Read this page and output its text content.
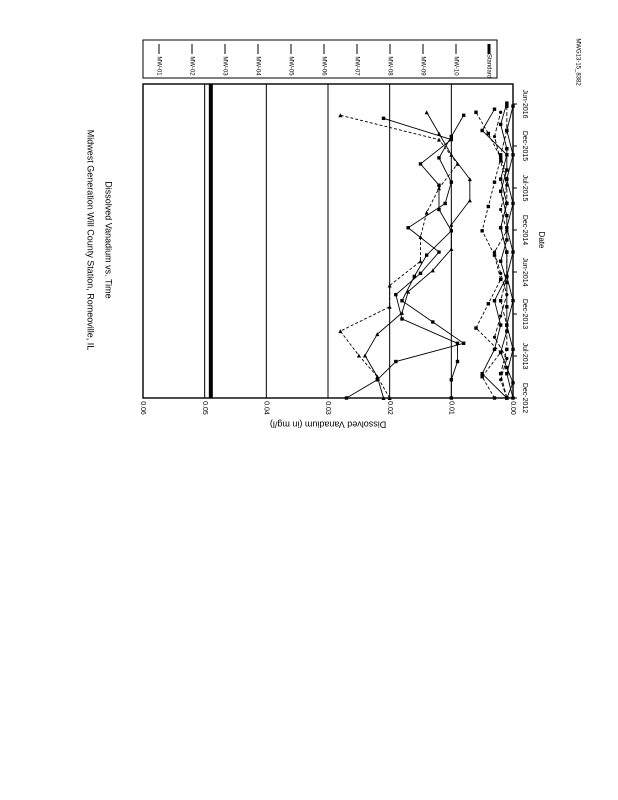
0.06	0.05	0.04	0.03	0.02	0.01	0.00 Dec-2012
Jul-2013
Dec-2013
Jun-2014
Dec-2014
Jul-2015
Dec-2015
Jun-2016
Dissolved Vanadium (in mg/l)
Date
Midwest Generation Will County Station, Romeoville, IL Dissolved Vanadium vs. Time
MW-01	MW-02	MW-03	MW-04	MW-05	MW-06	MW-07	MW-08	MW-09	MW-10	Standard	MWG13-15_8382
